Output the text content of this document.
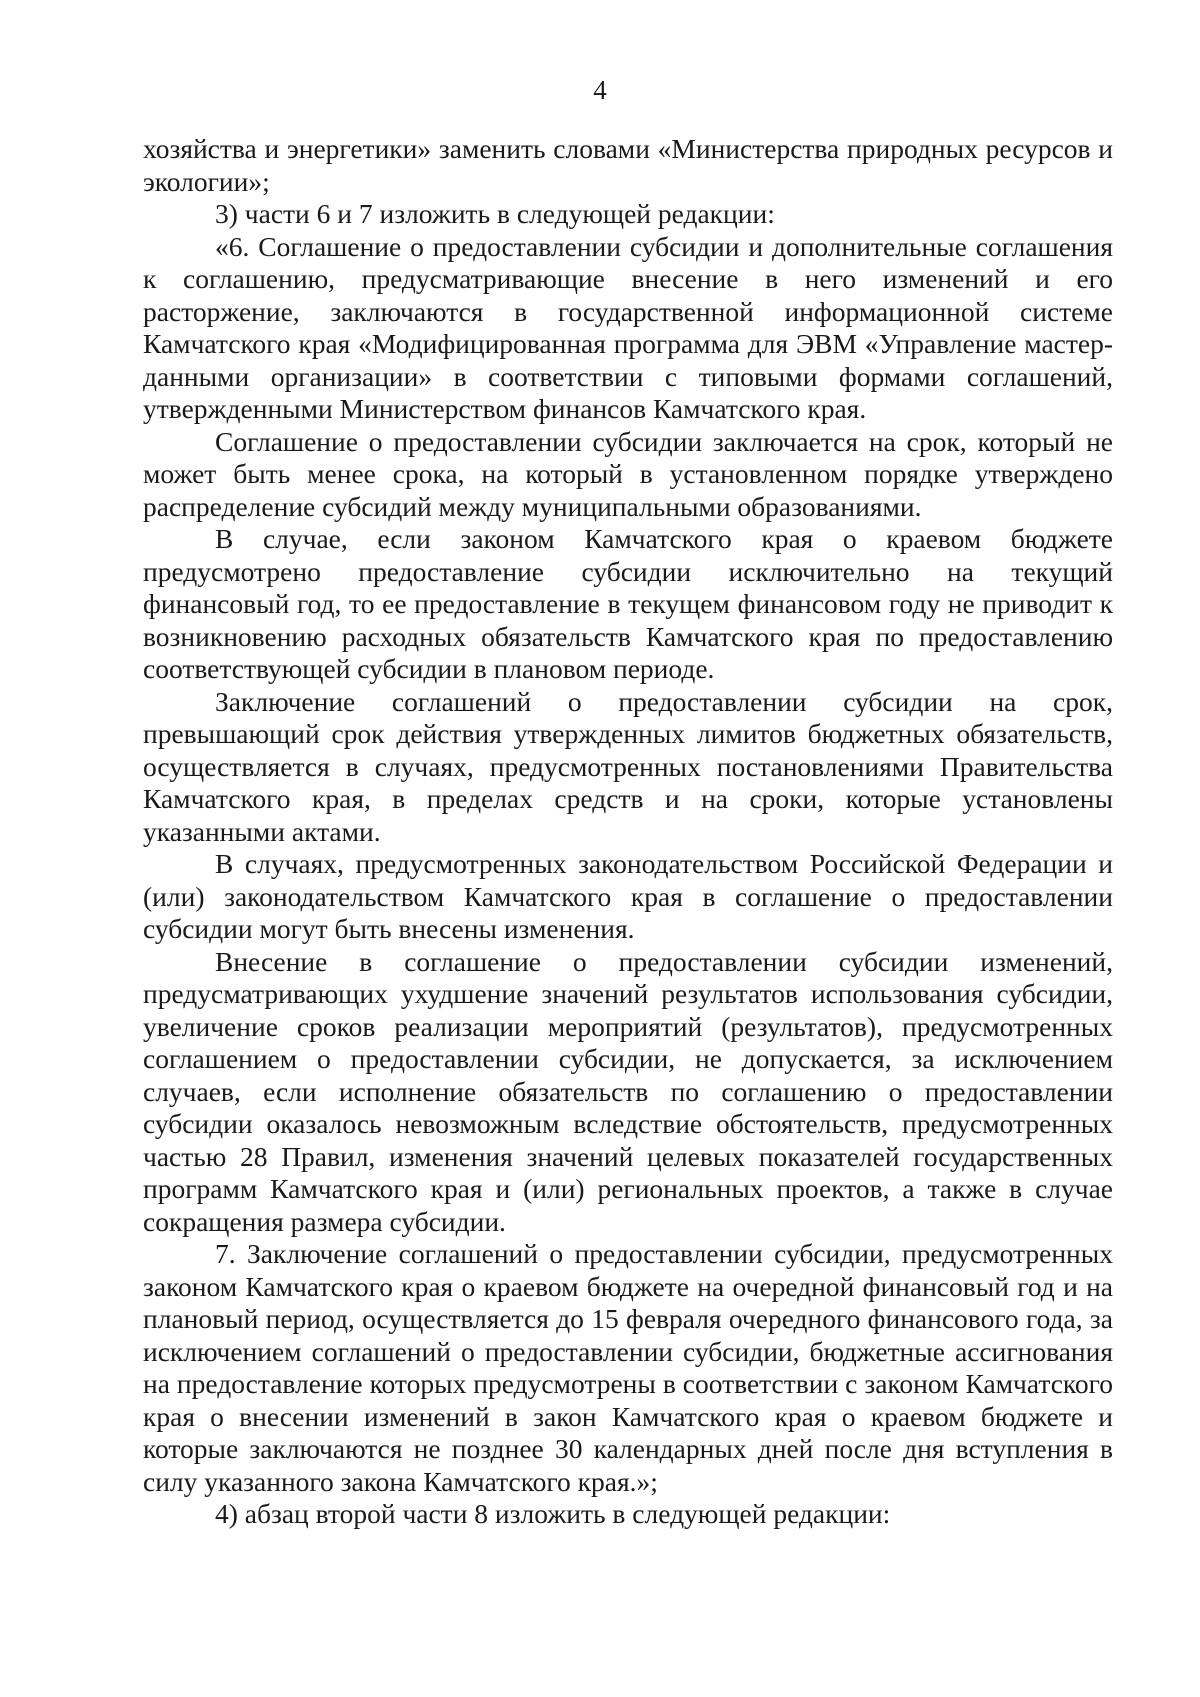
4

хозяйства и энергетики» заменить словами «Министерства природных ресурсов и экологии»;

3) части 6 и 7 изложить в следующей редакции:

«6. Соглашение о предоставлении субсидии и дополнительные соглашения к соглашению, предусматривающие внесение в него изменений и его расторжение, заключаются в государственной информационной системе Камчатского края «Модифицированная программа для ЭВМ «Управление мастер-данными организации» в соответствии с типовыми формами соглашений, утвержденными Министерством финансов Камчатского края.

Соглашение о предоставлении субсидии заключается на срок, который не может быть менее срока, на который в установленном порядке утверждено распределение субсидий между муниципальными образованиями.

В случае, если законом Камчатского края о краевом бюджете предусмотрено предоставление субсидии исключительно на текущий финансовый год, то ее предоставление в текущем финансовом году не приводит к возникновению расходных обязательств Камчатского края по предоставлению соответствующей субсидии в плановом периоде.

Заключение соглашений о предоставлении субсидии на срок, превышающий срок действия утвержденных лимитов бюджетных обязательств, осуществляется в случаях, предусмотренных постановлениями Правительства Камчатского края, в пределах средств и на сроки, которые установлены указанными актами.

В случаях, предусмотренных законодательством Российской Федерации и (или) законодательством Камчатского края в соглашение о предоставлении субсидии могут быть внесены изменения.

Внесение в соглашение о предоставлении субсидии изменений, предусматривающих ухудшение значений результатов использования субсидии, увеличение сроков реализации мероприятий (результатов), предусмотренных соглашением о предоставлении субсидии, не допускается, за исключением случаев, если исполнение обязательств по соглашению о предоставлении субсидии оказалось невозможным вследствие обстоятельств, предусмотренных частью 28 Правил, изменения значений целевых показателей государственных программ Камчатского края и (или) региональных проектов, а также в случае сокращения размера субсидии.

7. Заключение соглашений о предоставлении субсидии, предусмотренных законом Камчатского края о краевом бюджете на очередной финансовый год и на плановый период, осуществляется до 15 февраля очередного финансового года, за исключением соглашений о предоставлении субсидии, бюджетные ассигнования на предоставление которых предусмотрены в соответствии с законом Камчатского края о внесении изменений в закон Камчатского края о краевом бюджете и которые заключаются не позднее 30 календарных дней после дня вступления в силу указанного закона Камчатского края.»;

4) абзац второй части 8 изложить в следующей редакции:
